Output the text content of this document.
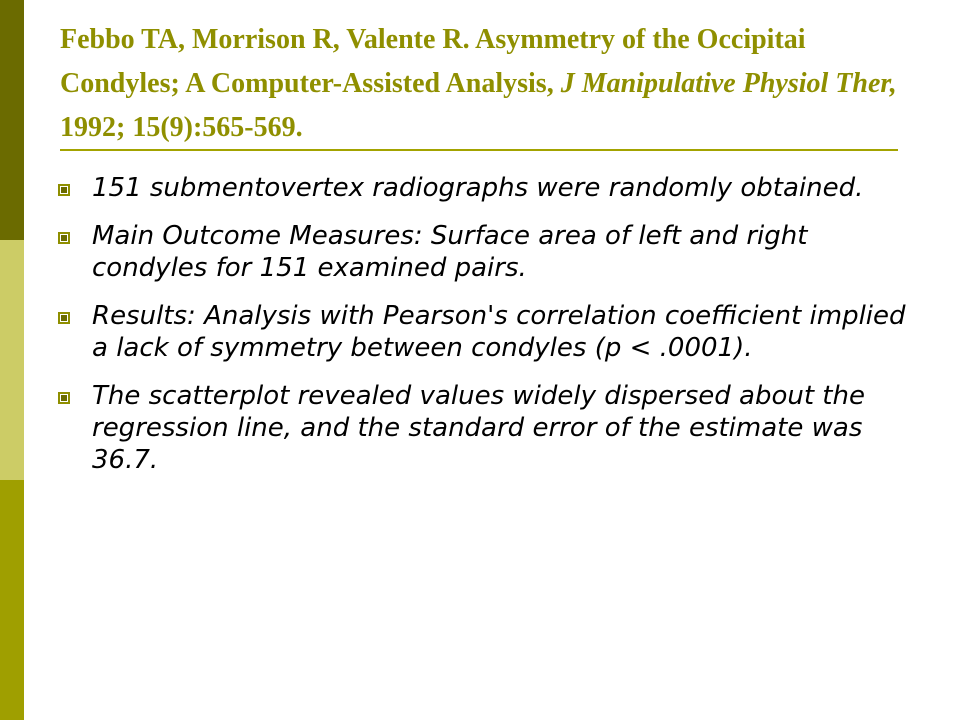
Febbo TA, Morrison R, Valente R. Asymmetry of the Occipitai Condyles; A Computer-Assisted Analysis, J Manipulative Physiol Ther, 1992; 15(9):565-569.
151 submentovertex radiographs were randomly obtained.
Main Outcome Measures: Surface area of left and right condyles for 151 examined pairs.
Results: Analysis with Pearson's correlation coefficient implied a lack of symmetry between condyles (p < .0001).
The scatterplot revealed values widely dispersed about the regression line, and the standard error of the estimate was 36.7.
